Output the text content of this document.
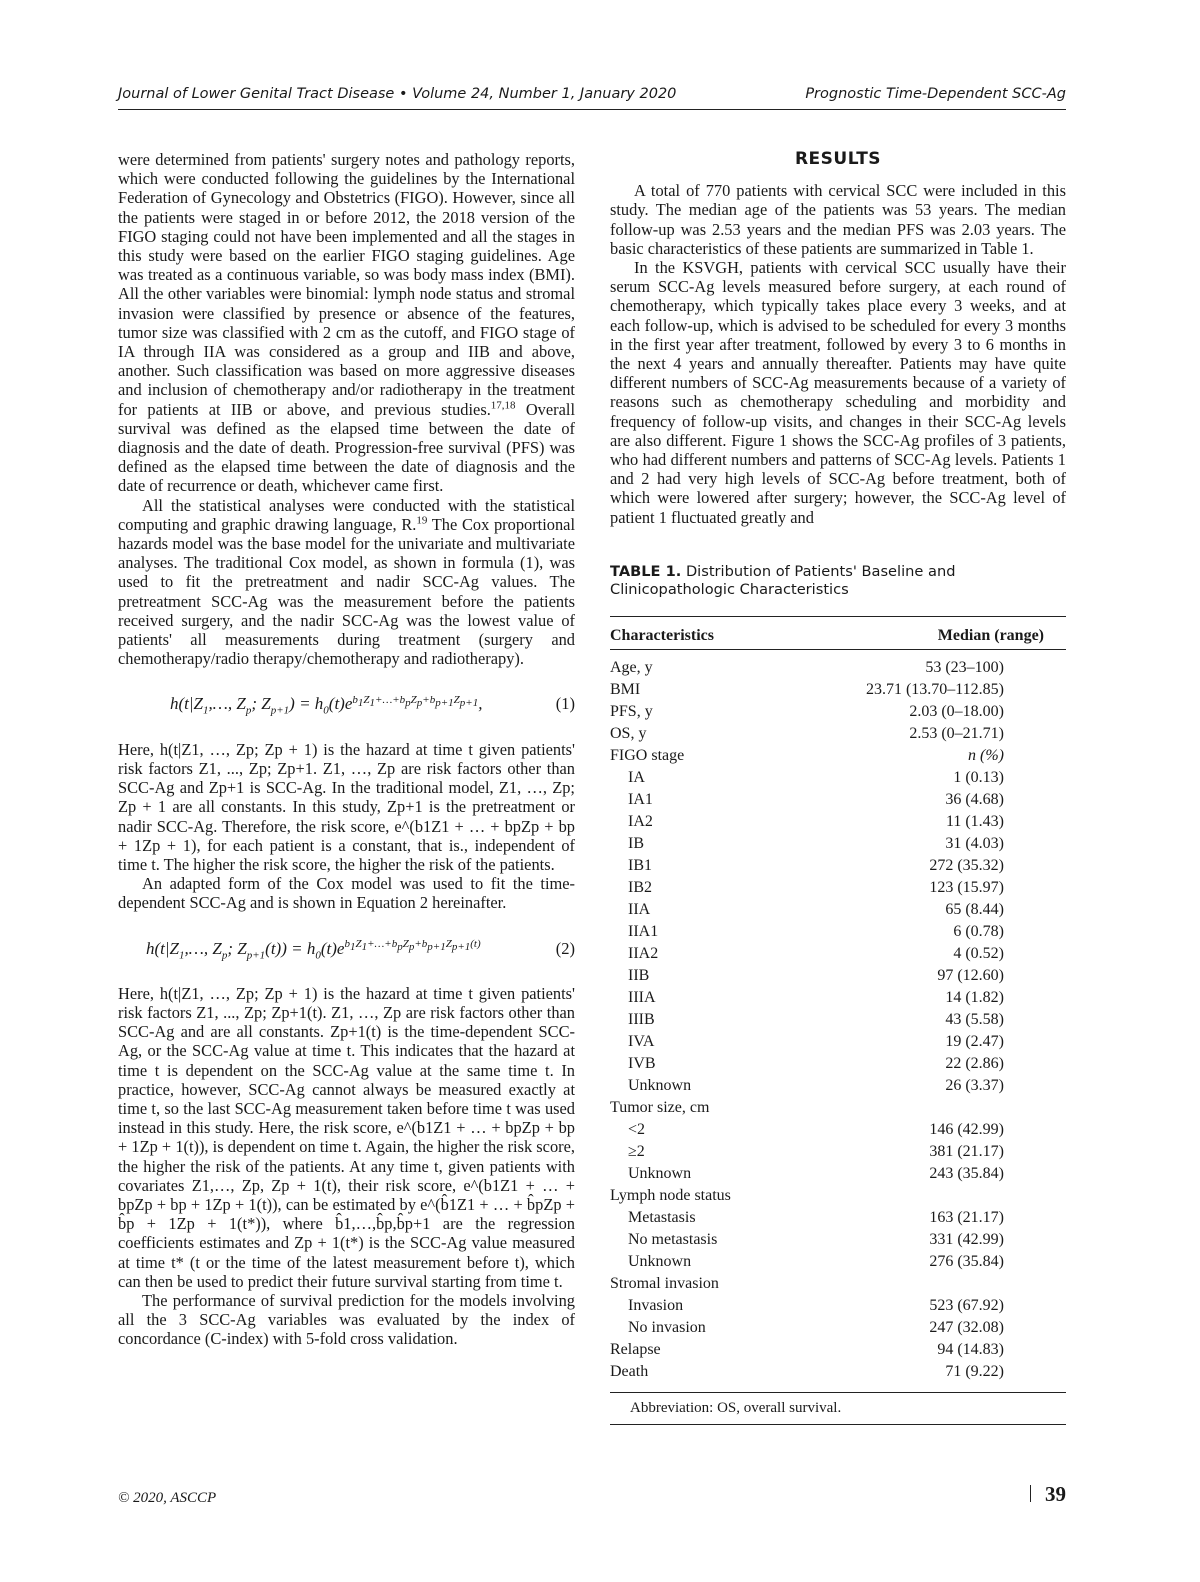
Journal of Lower Genital Tract Disease • Volume 24, Number 1, January 2020	Prognostic Time-Dependent SCC-Ag

were determined from patients' surgery notes and pathology reports, which were conducted following the guidelines by the International Federation of Gynecology and Obstetrics (FIGO). However, since all the patients were staged in or before 2012, the 2018 version of the FIGO staging could not have been implemented and all the stages in this study were based on the earlier FIGO staging guidelines. Age was treated as a continuous variable, so was body mass index (BMI). All the other variables were binomial: lymph node status and stromal invasion were classified by presence or absence of the features, tumor size was classified with 2 cm as the cutoff, and FIGO stage of IA through IIA was considered as a group and IIB and above, another. Such classification was based on more aggressive diseases and inclusion of chemotherapy and/or radiotherapy in the treatment for patients at IIB or above, and previous studies.$^{17,18}$ Overall survival was defined as the elapsed time between the date of diagnosis and the date of death. Progression-free survival (PFS) was defined as the elapsed time between the date of diagnosis and the date of recurrence or death, whichever came first.

All the statistical analyses were conducted with the statistical computing and graphic drawing language, R.$^{19}$ The Cox proportional hazards model was the base model for the univariate and multivariate analyses. The traditional Cox model, as shown in formula (1), was used to fit the pretreatment and nadir SCC-Ag values. The pretreatment SCC-Ag was the measurement before the patients received surgery, and the nadir SCC-Ag was the lowest value of patients' all measurements during treatment (surgery and chemotherapy/radio therapy/chemotherapy and radiotherapy).

$h(t|Z_1,\dots$, $Z_p$; $Z_{p+1}) = h_0(t)e^{b_1Z_1+\dots+b_pZ_p+b_{p+1}Z_{p+1}}$,	(1)

Here, h(t|Z1, …, Zp; Zp + 1) is the hazard at time t given patients' risk factors Z1, ..., Zp; Zp+1. Z1, …, Zp are risk factors other than SCC-Ag and Zp+1 is SCC-Ag. In the traditional model, Z1, …, Zp; Zp + 1 are all constants. In this study, Zp+1 is the pretreatment or nadir SCC-Ag. Therefore, the risk score, e^(b1Z1 + … + bpZp + bp + 1Zp + 1), for each patient is a constant, that is., independent of time t. The higher the risk score, the higher the risk of the patients.

An adapted form of the Cox model was used to fit the time-dependent SCC-Ag and is shown in Equation 2 hereinafter.

$h(t|Z_1,\dots$, $Z_p$; $Z_{p+1}(t)) = h_0(t)e^{b_1Z_1+\dots+b_pZ_p+b_{p+1}Z_{p+1}(t)}$	(2)

Here, h(t|Z1, …, Zp; Zp + 1) is the hazard at time t given patients' risk factors Z1, ..., Zp; Zp+1(t). Z1, …, Zp are risk factors other than SCC-Ag and are all constants. Zp+1(t) is the time-dependent SCC-Ag, or the SCC-Ag value at time t. This indicates that the hazard at time t is dependent on the SCC-Ag value at the same time t. In practice, however, SCC-Ag cannot always be measured exactly at time t, so the last SCC-Ag measurement taken before time t was used instead in this study. Here, the risk score, e^(b1Z1 + … + bpZp + bp + 1Zp + 1(t)), is dependent on time t. Again, the higher the risk score, the higher the risk of the patients. At any time t, given patients with covariates Z1,…, Zp, Zp + 1(t), their risk score, e^(b1Z1 + … + bpZp + bp + 1Zp + 1(t)), can be estimated by e^(b̂1Z1 + … + b̂pZp + b̂p + 1Zp + 1(t*)), where b̂1,…,b̂p,b̂p+1 are the regression coefficients estimates and Zp + 1(t*) is the SCC-Ag value measured at time t* (t or the time of the latest measurement before t), which can then be used to predict their future survival starting from time t.

The performance of survival prediction for the models involving all the 3 SCC-Ag variables was evaluated by the index of concordance (C-index) with 5-fold cross validation.

RESULTS

A total of 770 patients with cervical SCC were included in this study. The median age of the patients was 53 years. The median follow-up was 2.53 years and the median PFS was 2.03 years. The basic characteristics of these patients are summarized in Table 1.

In the KSVGH, patients with cervical SCC usually have their serum SCC-Ag levels measured before surgery, at each round of chemotherapy, which typically takes place every 3 weeks, and at each follow-up, which is advised to be scheduled for every 3 months in the first year after treatment, followed by every 3 to 6 months in the next 4 years and annually thereafter. Patients may have quite different numbers of SCC-Ag measurements because of a variety of reasons such as chemotherapy scheduling and morbidity and frequency of follow-up visits, and changes in their SCC-Ag levels are also different. Figure 1 shows the SCC-Ag profiles of 3 patients, who had different numbers and patterns of SCC-Ag levels. Patients 1 and 2 had very high levels of SCC-Ag before treatment, both of which were lowered after surgery; however, the SCC-Ag level of patient 1 fluctuated greatly and

TABLE 1. Distribution of Patients' Baseline and Clinicopathologic Characteristics
Characteristics	Median (range)
Age, y	53 (23–100)
BMI	23.71 (13.70–112.85)
PFS, y	2.03 (0–18.00)
OS, y	2.53 (0–21.71)
FIGO stage	n (%)
IA	1 (0.13)
IA1	36 (4.68)
IA2	11 (1.43)
IB	31 (4.03)
IB1	272 (35.32)
IB2	123 (15.97)
IIA	65 (8.44)
IIA1	6 (0.78)
IIA2	4 (0.52)
IIB	97 (12.60)
IIIA	14 (1.82)
IIIB	43 (5.58)
IVA	19 (2.47)
IVB	22 (2.86)
Unknown	26 (3.37)
Tumor size, cm	
<2	146 (42.99)
≥2	381 (21.17)
Unknown	243 (35.84)
Lymph node status	
Metastasis	163 (21.17)
No metastasis	331 (42.99)
Unknown	276 (35.84)
Stromal invasion	
Invasion	523 (67.92)
No invasion	247 (32.08)
Relapse	94 (14.83)
Death	71 (9.22)
Abbreviation: OS, overall survival.
© 2020, ASCCP	39
